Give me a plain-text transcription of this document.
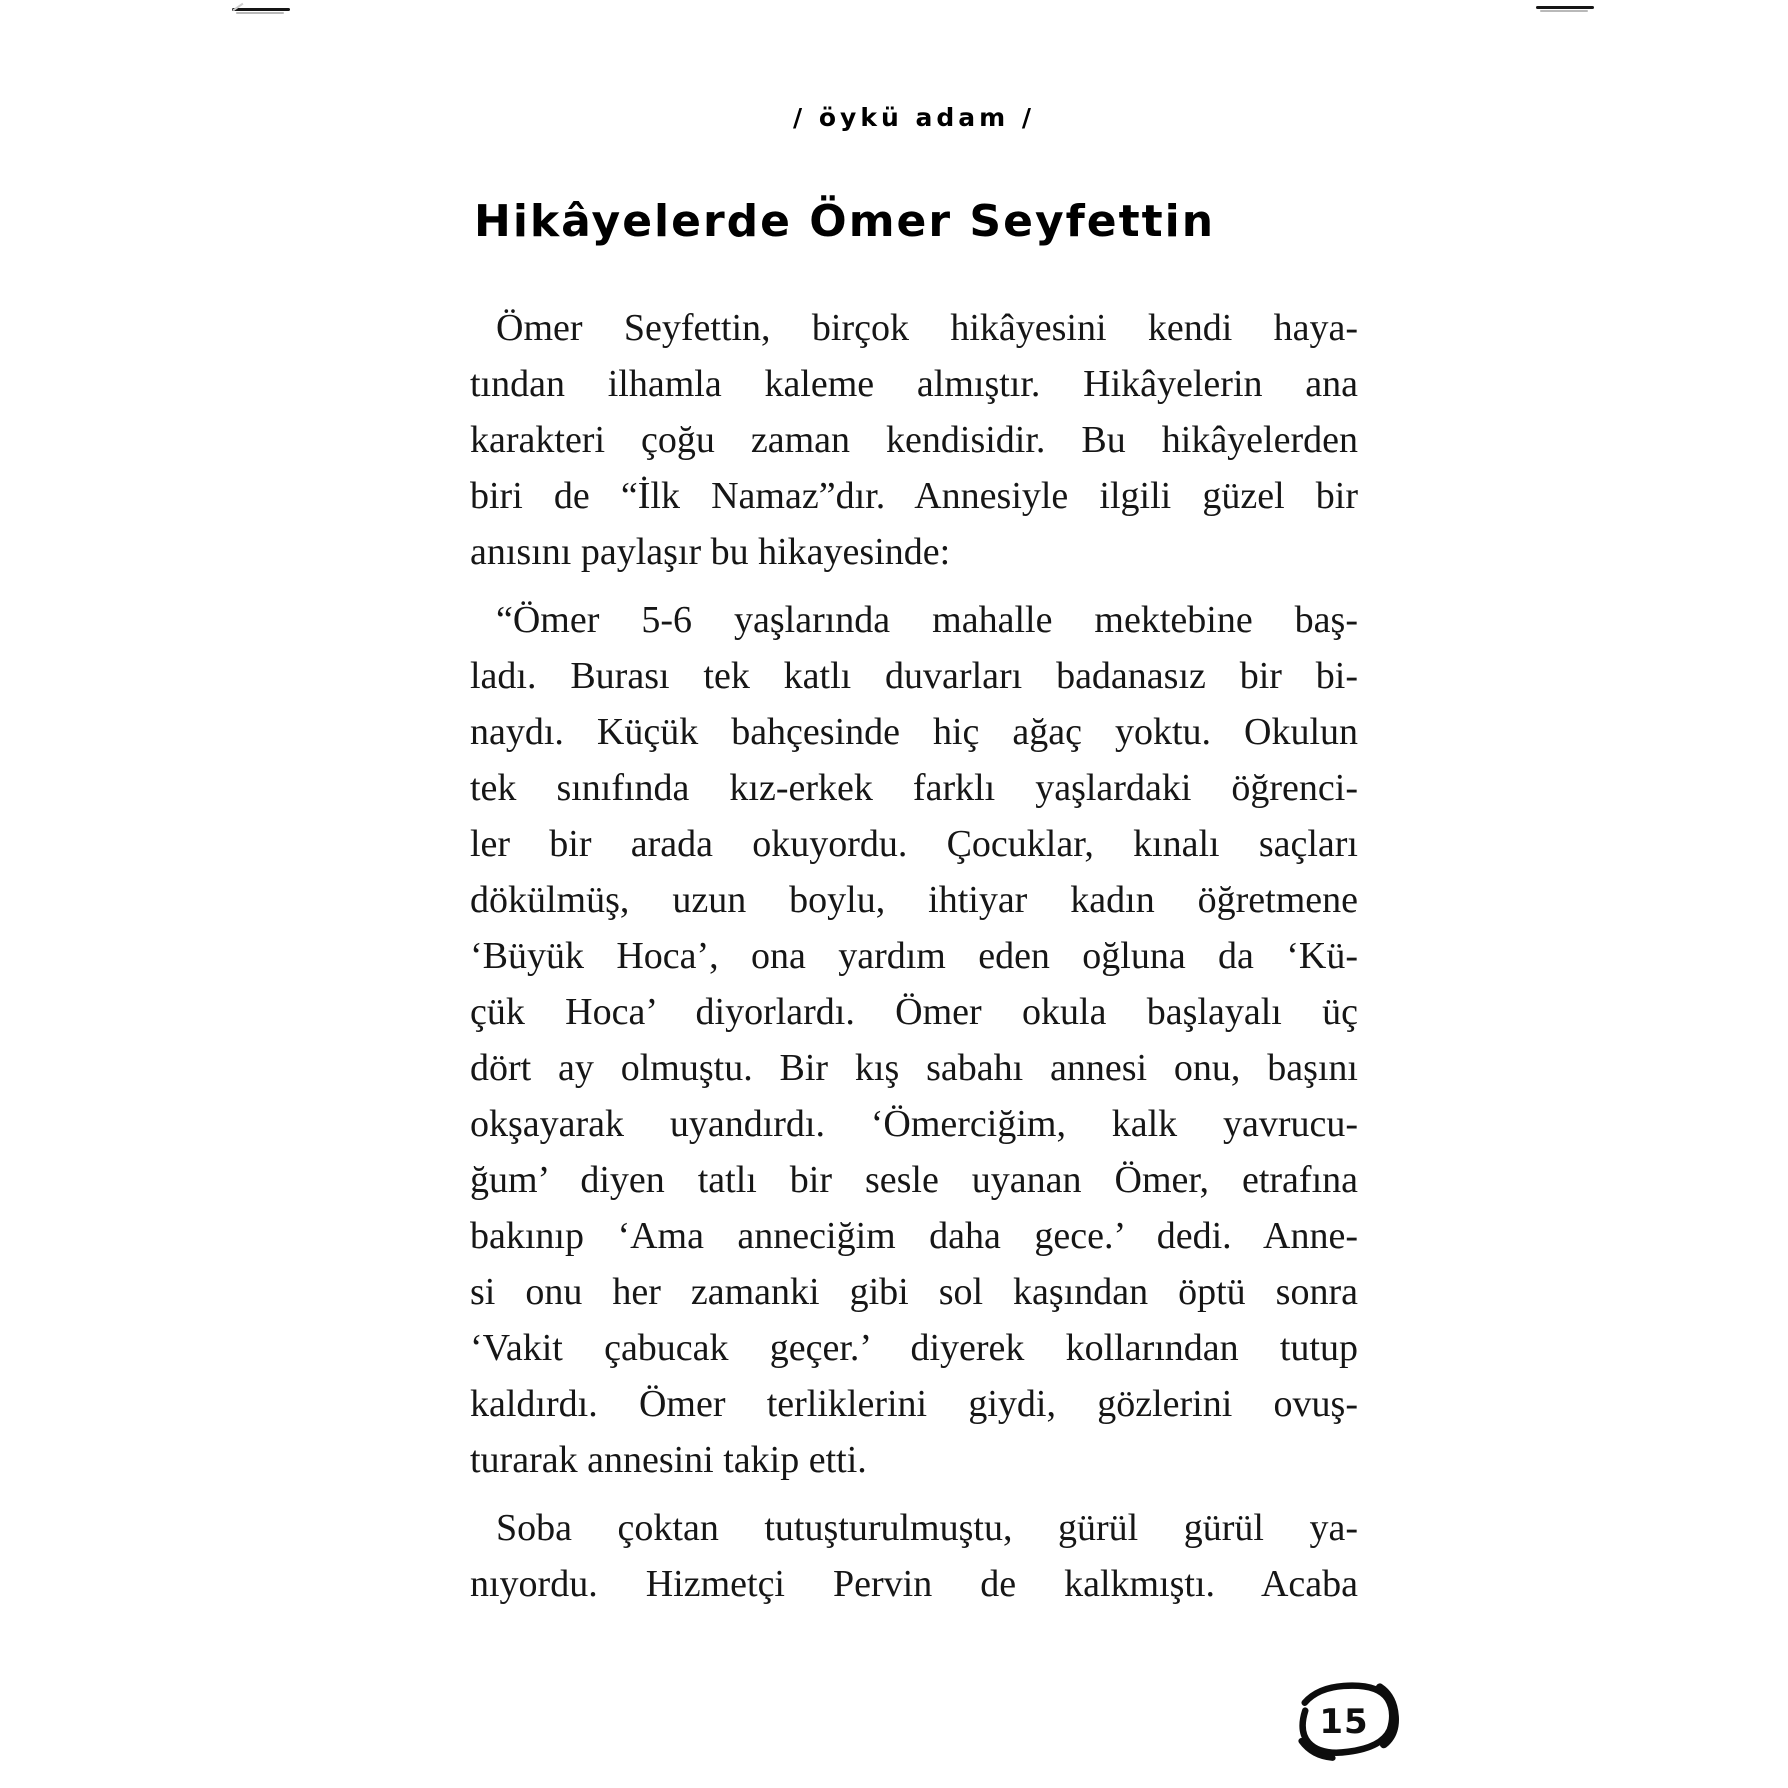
/ öykü adam /
Hikâyelerde Ömer Seyfettin
Ömer Seyfettin, birçok hikâyesini kendi haya-
tından ilhamla kaleme almıştır. Hikâyelerin ana
karakteri çoğu zaman kendisidir. Bu hikâyelerden
biri de “İlk Namaz”dır. Annesiyle ilgili güzel bir
anısını paylaşır bu hikayesinde:
“Ömer 5-6 yaşlarında mahalle mektebine baş-
ladı. Burası tek katlı duvarları badanasız bir bi-
naydı. Küçük bahçesinde hiç ağaç yoktu. Okulun
tek sınıfında kız-erkek farklı yaşlardaki öğrenci-
ler bir arada okuyordu. Çocuklar, kınalı saçları
dökülmüş, uzun boylu, ihtiyar kadın öğretmene
‘Büyük Hoca’, ona yardım eden oğluna da ‘Kü-
çük Hoca’ diyorlardı. Ömer okula başlayalı üç
dört ay olmuştu. Bir kış sabahı annesi onu, başını
okşayarak uyandırdı. ‘Ömerciğim, kalk yavrucu-
ğum’ diyen tatlı bir sesle uyanan Ömer, etrafına
bakınıp ‘Ama anneciğim daha gece.’ dedi. Anne-
si onu her zamanki gibi sol kaşından öptü sonra
‘Vakit çabucak geçer.’ diyerek kollarından tutup
kaldırdı. Ömer terliklerini giydi, gözlerini ovuş-
turarak annesini takip etti.
Soba çoktan tutuşturulmuştu, gürül gürül ya-
nıyordu. Hizmetçi Pervin de kalkmıştı. Acaba
15
